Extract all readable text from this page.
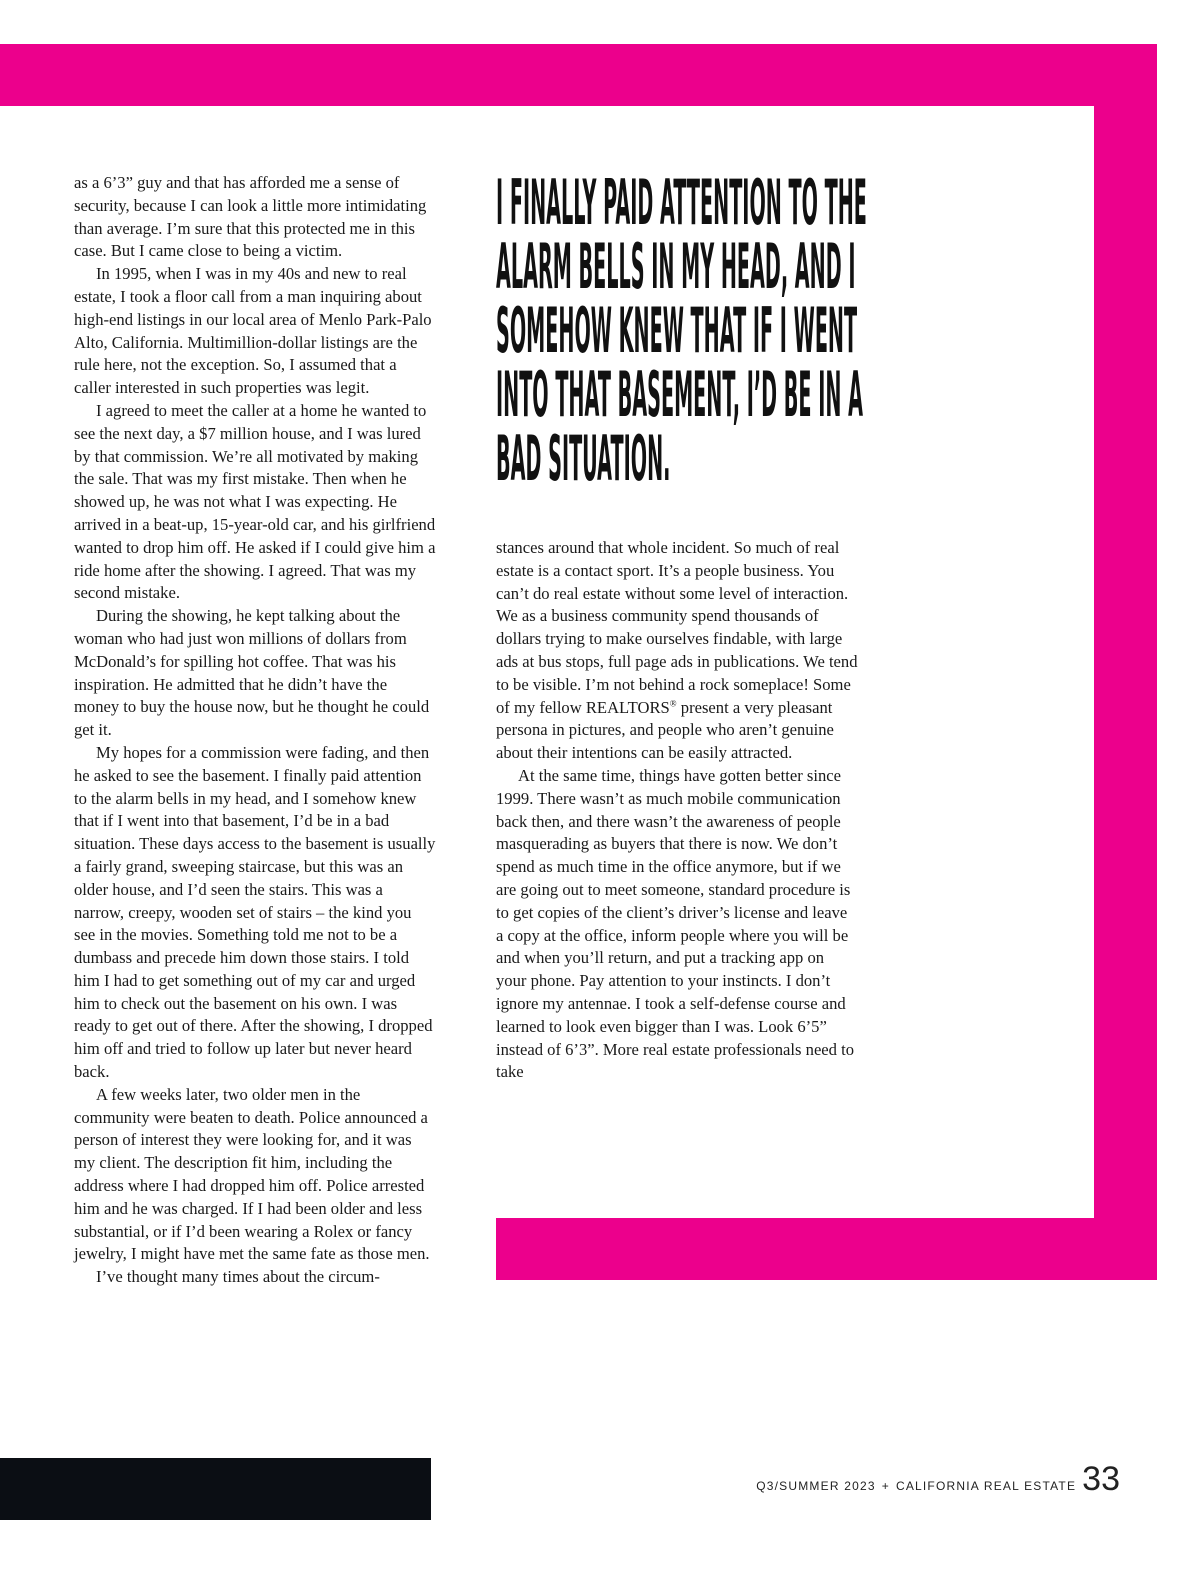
as a 6’3” guy and that has afforded me a sense of security, because I can look a little more intimidating than average. I’m sure that this protected me in this case. But I came close to being a victim.

In 1995, when I was in my 40s and new to real estate, I took a floor call from a man inquiring about high-end listings in our local area of Menlo Park-Palo Alto, California. Multimillion-dollar listings are the rule here, not the exception. So, I assumed that a caller interested in such properties was legit.

I agreed to meet the caller at a home he wanted to see the next day, a $7 million house, and I was lured by that commission. We’re all motivated by making the sale. That was my first mistake. Then when he showed up, he was not what I was expecting. He arrived in a beat-up, 15-year-old car, and his girlfriend wanted to drop him off. He asked if I could give him a ride home after the showing. I agreed. That was my second mistake.

During the showing, he kept talking about the woman who had just won millions of dollars from McDonald’s for spilling hot coffee. That was his inspiration. He admitted that he didn’t have the money to buy the house now, but he thought he could get it.

My hopes for a commission were fading, and then he asked to see the basement. I finally paid attention to the alarm bells in my head, and I somehow knew that if I went into that basement, I’d be in a bad situation. These days access to the basement is usually a fairly grand, sweeping staircase, but this was an older house, and I’d seen the stairs. This was a narrow, creepy, wooden set of stairs – the kind you see in the movies. Something told me not to be a dumbass and precede him down those stairs. I told him I had to get something out of my car and urged him to check out the basement on his own. I was ready to get out of there. After the showing, I dropped him off and tried to follow up later but never heard back.

A few weeks later, two older men in the community were beaten to death. Police announced a person of interest they were looking for, and it was my client. The description fit him, including the address where I had dropped him off. Police arrested him and he was charged. If I had been older and less substantial, or if I’d been wearing a Rolex or fancy jewelry, I might have met the same fate as those men.

I’ve thought many times about the circum-

I FINALLY PAID ATTENTION TO THE
ALARM BELLS IN MY HEAD, AND I
SOMEHOW KNEW THAT IF I WENT
INTO THAT BASEMENT, I’D BE IN A
BAD SITUATION.

stances around that whole incident. So much of real estate is a contact sport. It’s a people business. You can’t do real estate without some level of interaction. We as a business community spend thousands of dollars trying to make ourselves findable, with large ads at bus stops, full page ads in publications. We tend to be visible. I’m not behind a rock someplace! Some of my fellow REALTORS® present a very pleasant persona in pictures, and people who aren’t genuine about their intentions can be easily attracted.

At the same time, things have gotten better since 1999. There wasn’t as much mobile communication back then, and there wasn’t the awareness of people masquerading as buyers that there is now. We don’t spend as much time in the office anymore, but if we are going out to meet someone, standard procedure is to get copies of the client’s driver’s license and leave a copy at the office, inform people where you will be and when you’ll return, and put a tracking app on your phone. Pay attention to your instincts. I don’t ignore my antennae. I took a self-defense course and learned to look even bigger than I was. Look 6’5” instead of 6’3”. More real estate professionals need to take

Q3/SUMMER 2023 + CALIFORNIA REAL ESTATE 33
